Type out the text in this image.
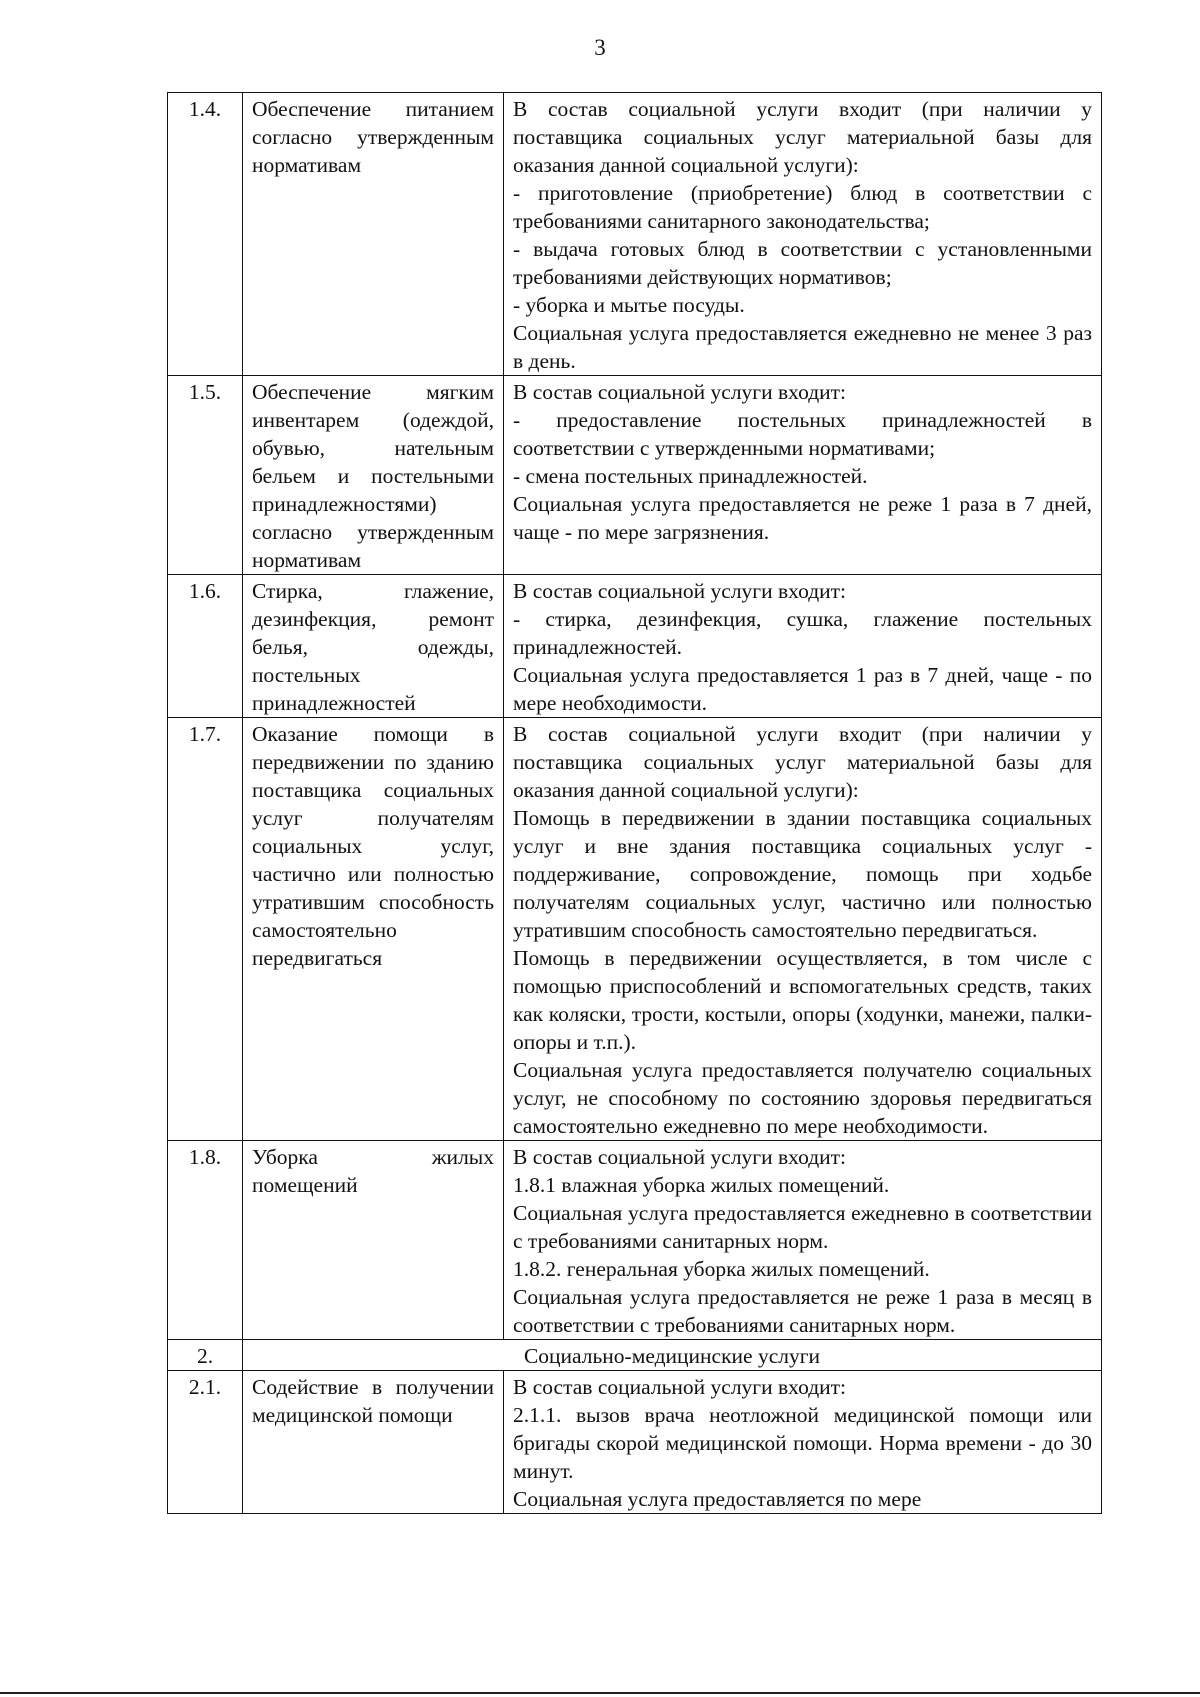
3
1.4.	Обеспечение питанием согласно утвержденным нормативам	В состав социальной услуги входит (при наличии у поставщика социальных услуг материальной базы для оказания данной социальной услуги):
- приготовление (приобретение) блюд в соответствии с требованиями санитарного законодательства;
- выдача готовых блюд в соответствии с установленными требованиями действующих нормативов;
- уборка и мытье посуды.
Социальная услуга предоставляется ежедневно не менее 3 раз в день.

1.5.	Обеспечение мягким инвентарем (одеждой, обувью, нательным бельем и постельными принадлежностями) согласно утвержденным нормативам	В состав социальной услуги входит:
- предоставление постельных принадлежностей в соответствии с утвержденными нормативами;
- смена постельных принадлежностей.
Социальная услуга предоставляется не реже 1 раза в 7 дней, чаще - по мере загрязнения.

1.6.	Стирка, глажение, дезинфекция, ремонт белья, одежды, постельных принадлежностей	В состав социальной услуги входит:
- стирка, дезинфекция, сушка, глажение постельных принадлежностей.
Социальная услуга предоставляется 1 раз в 7 дней, чаще - по мере необходимости.

1.7.	Оказание помощи в передвижении по зданию поставщика социальных услуг получателям социальных услуг, частично или полностью утратившим способность самостоятельно передвигаться	В состав социальной услуги входит (при наличии у поставщика социальных услуг материальной базы для оказания данной социальной услуги):
Помощь в передвижении в здании поставщика социальных услуг и вне здания поставщика социальных услуг - поддерживание, сопровождение, помощь при ходьбе получателям социальных услуг, частично или полностью утратившим способность самостоятельно передвигаться.
Помощь в передвижении осуществляется, в том числе с помощью приспособлений и вспомогательных средств, таких как коляски, трости, костыли, опоры (ходунки, манежи, палки-опоры и т.п.).
Социальная услуга предоставляется получателю социальных услуг, не способному по состоянию здоровья передвигаться самостоятельно ежедневно по мере необходимости.

1.8.	Уборка жилых помещений	В состав социальной услуги входит:
1.8.1 влажная уборка жилых помещений.
Социальная услуга предоставляется ежедневно в соответствии с требованиями санитарных норм.
1.8.2. генеральная уборка жилых помещений.
Социальная услуга предоставляется не реже 1 раза в месяц в соответствии с требованиями санитарных норм.

2.	Социально-медицинские услуги	
2.1.	Содействие в получении медицинской помощи	В состав социальной услуги входит:
2.1.1. вызов врача неотложной медицинской помощи или бригады скорой медицинской помощи. Норма времени - до 30 минут.
Социальная услуга предоставляется по мере
